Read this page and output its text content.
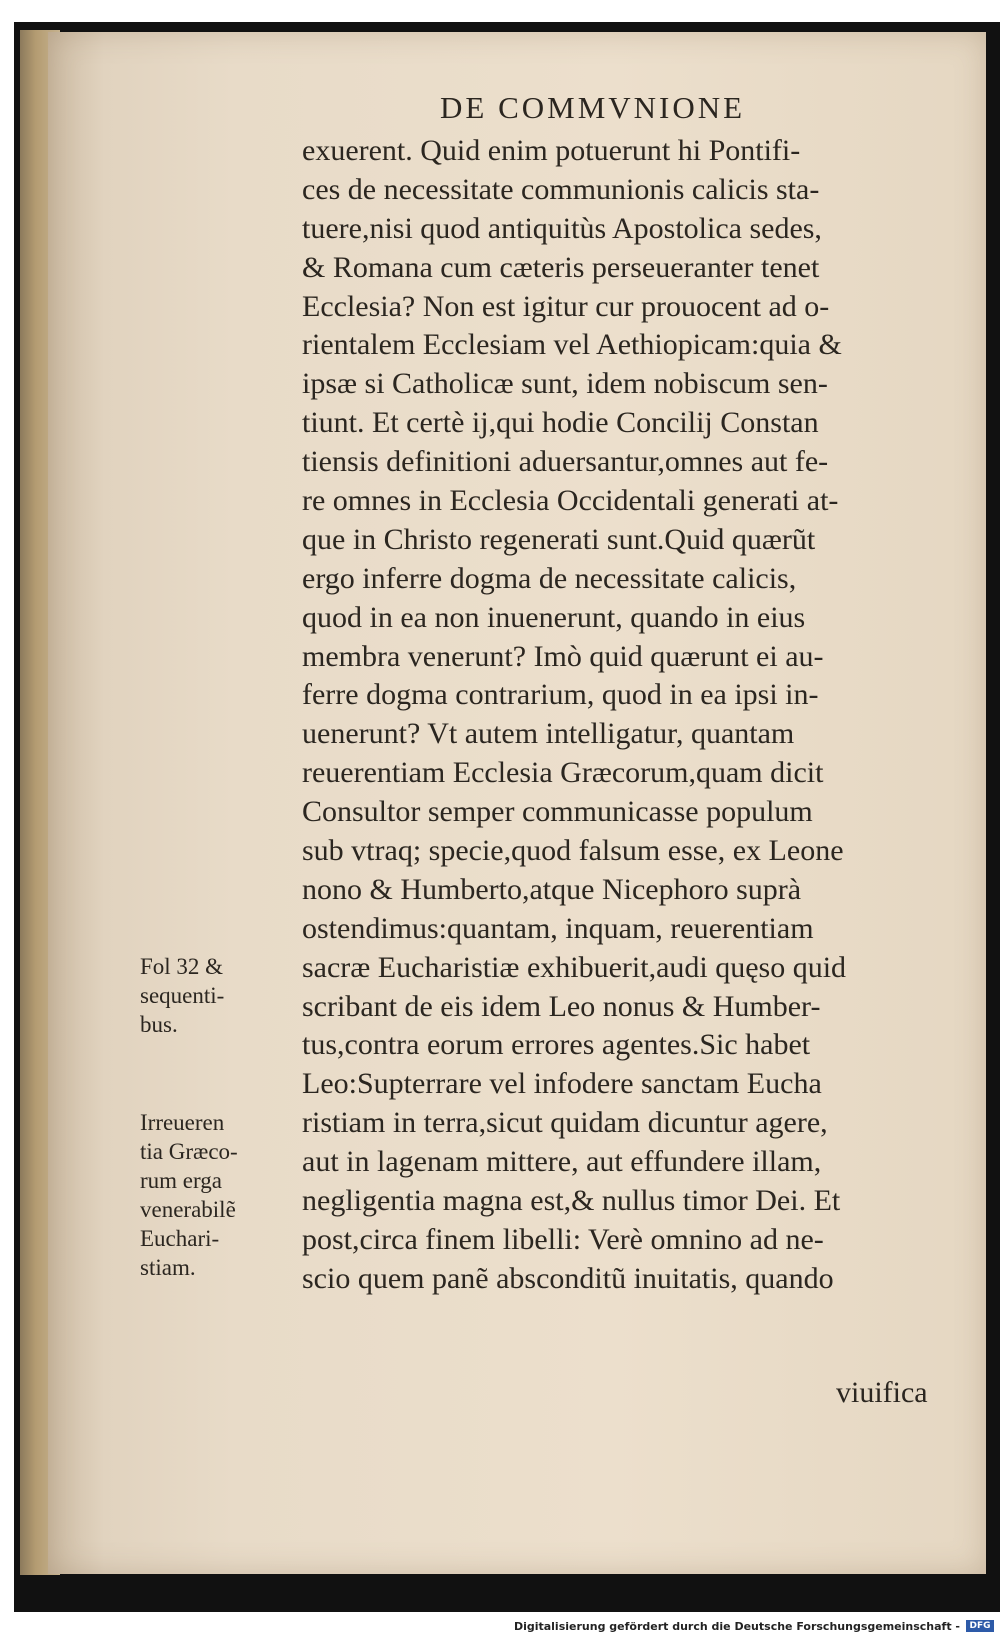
DE COMMVNIONE
exuerent. Quid enim potuerunt hi Pontifi-
ces de necessitate communionis calicis sta-
tuere,nisi quod antiquitùs Apostolica sedes,
& Romana cum cæteris perseueranter tenet
Ecclesia? Non est igitur cur prouocent ad o-
rientalem Ecclesiam vel Aethiopicam:quia &
ipsæ si Catholicæ sunt, idem nobiscum sen-
tiunt. Et certè ij,qui hodie Concilij Constan
tiensis definitioni aduersantur,omnes aut fe-
re omnes in Ecclesia Occidentali generati at-
que in Christo regenerati sunt.Quid quærũt
ergo inferre dogma de necessitate calicis,
quod in ea non inuenerunt, quando in eius
membra venerunt? Imò quid quærunt ei au-
ferre dogma contrarium, quod in ea ipsi in-
uenerunt? Vt autem intelligatur, quantam
reuerentiam Ecclesia Græcorum,quam dicit
Consultor semper communicasse populum
sub vtraq; specie,quod falsum esse, ex Leone
nono & Humberto,atque Nicephoro suprà
ostendimus:quantam, inquam, reuerentiam
sacræ Eucharistiæ exhibuerit,audi quęso quid
scribant de eis idem Leo nonus & Humber-
tus,contra eorum errores agentes.Sic habet
Leo:Supterrare vel infodere sanctam Eucha
ristiam in terra,sicut quidam dicuntur agere,
aut in lagenam mittere, aut effundere illam,
negligentia magna est,& nullus timor Dei. Et
post,circa finem libelli: Verè omnino ad ne-
scio quem panẽ absconditũ inuitatis, quando
viuifica
Fol 32 &
sequenti-
bus.
Irreueren
tia Græco-
rum erga
venerabilẽ
Euchari-
stiam.
Digitalisierung gefördert durch die Deutsche Forschungsgemeinschaft -	DFG
